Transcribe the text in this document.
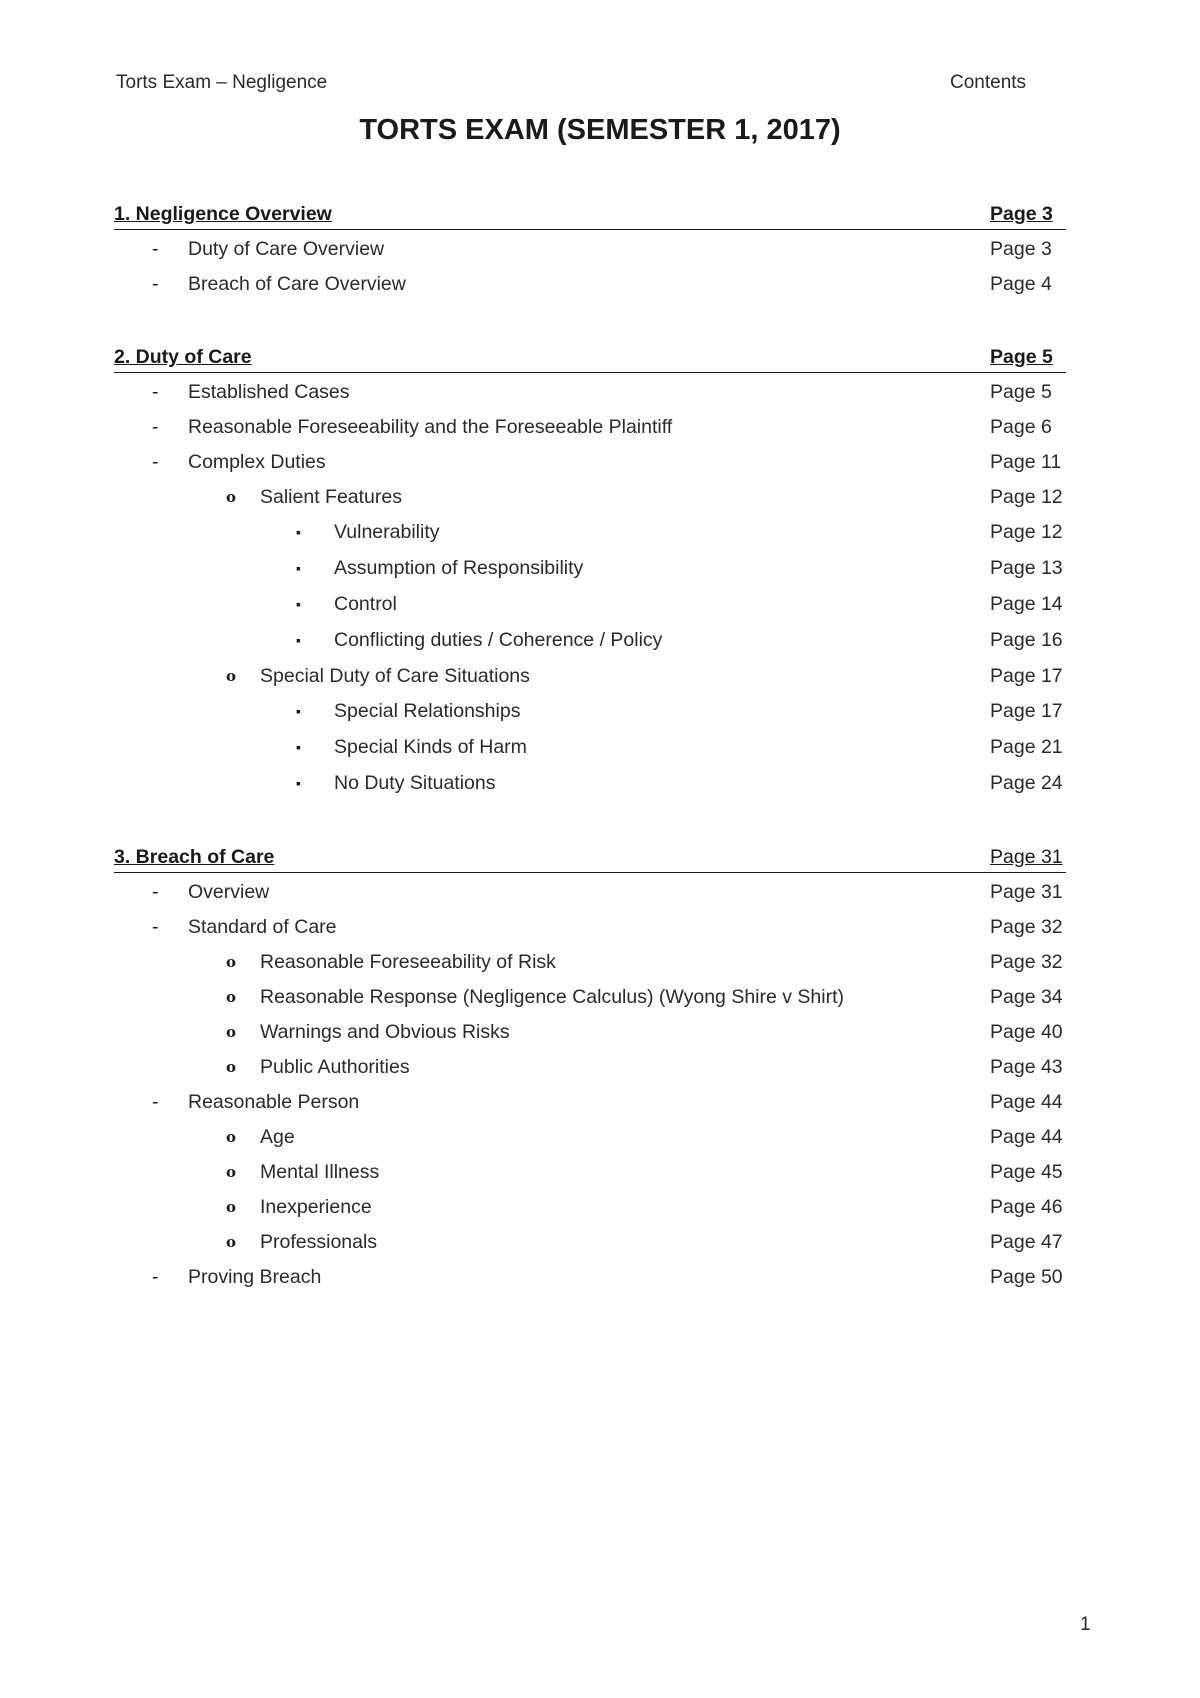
Torts Exam – Negligence	Contents
TORTS EXAM (SEMESTER 1, 2017)
1. Negligence Overview	Page 3
- Duty of Care Overview	Page 3
- Breach of Care Overview	Page 4
2. Duty of Care	Page 5
- Established Cases	Page 5
- Reasonable Foreseeability and the Foreseeable Plaintiff	Page 6
- Complex Duties	Page 11
o Salient Features	Page 12
▪ Vulnerability	Page 12
▪ Assumption of Responsibility	Page 13
▪ Control	Page 14
▪ Conflicting duties / Coherence / Policy	Page 16
o Special Duty of Care Situations	Page 17
▪ Special Relationships	Page 17
▪ Special Kinds of Harm	Page 21
▪ No Duty Situations	Page 24
3. Breach of Care	Page 31
- Overview	Page 31
- Standard of Care	Page 32
o Reasonable Foreseeability of Risk	Page 32
o Reasonable Response (Negligence Calculus) (Wyong Shire v Shirt)	Page 34
o Warnings and Obvious Risks	Page 40
o Public Authorities	Page 43
- Reasonable Person	Page 44
o Age	Page 44
o Mental Illness	Page 45
o Inexperience	Page 46
o Professionals	Page 47
- Proving Breach	Page 50
1
